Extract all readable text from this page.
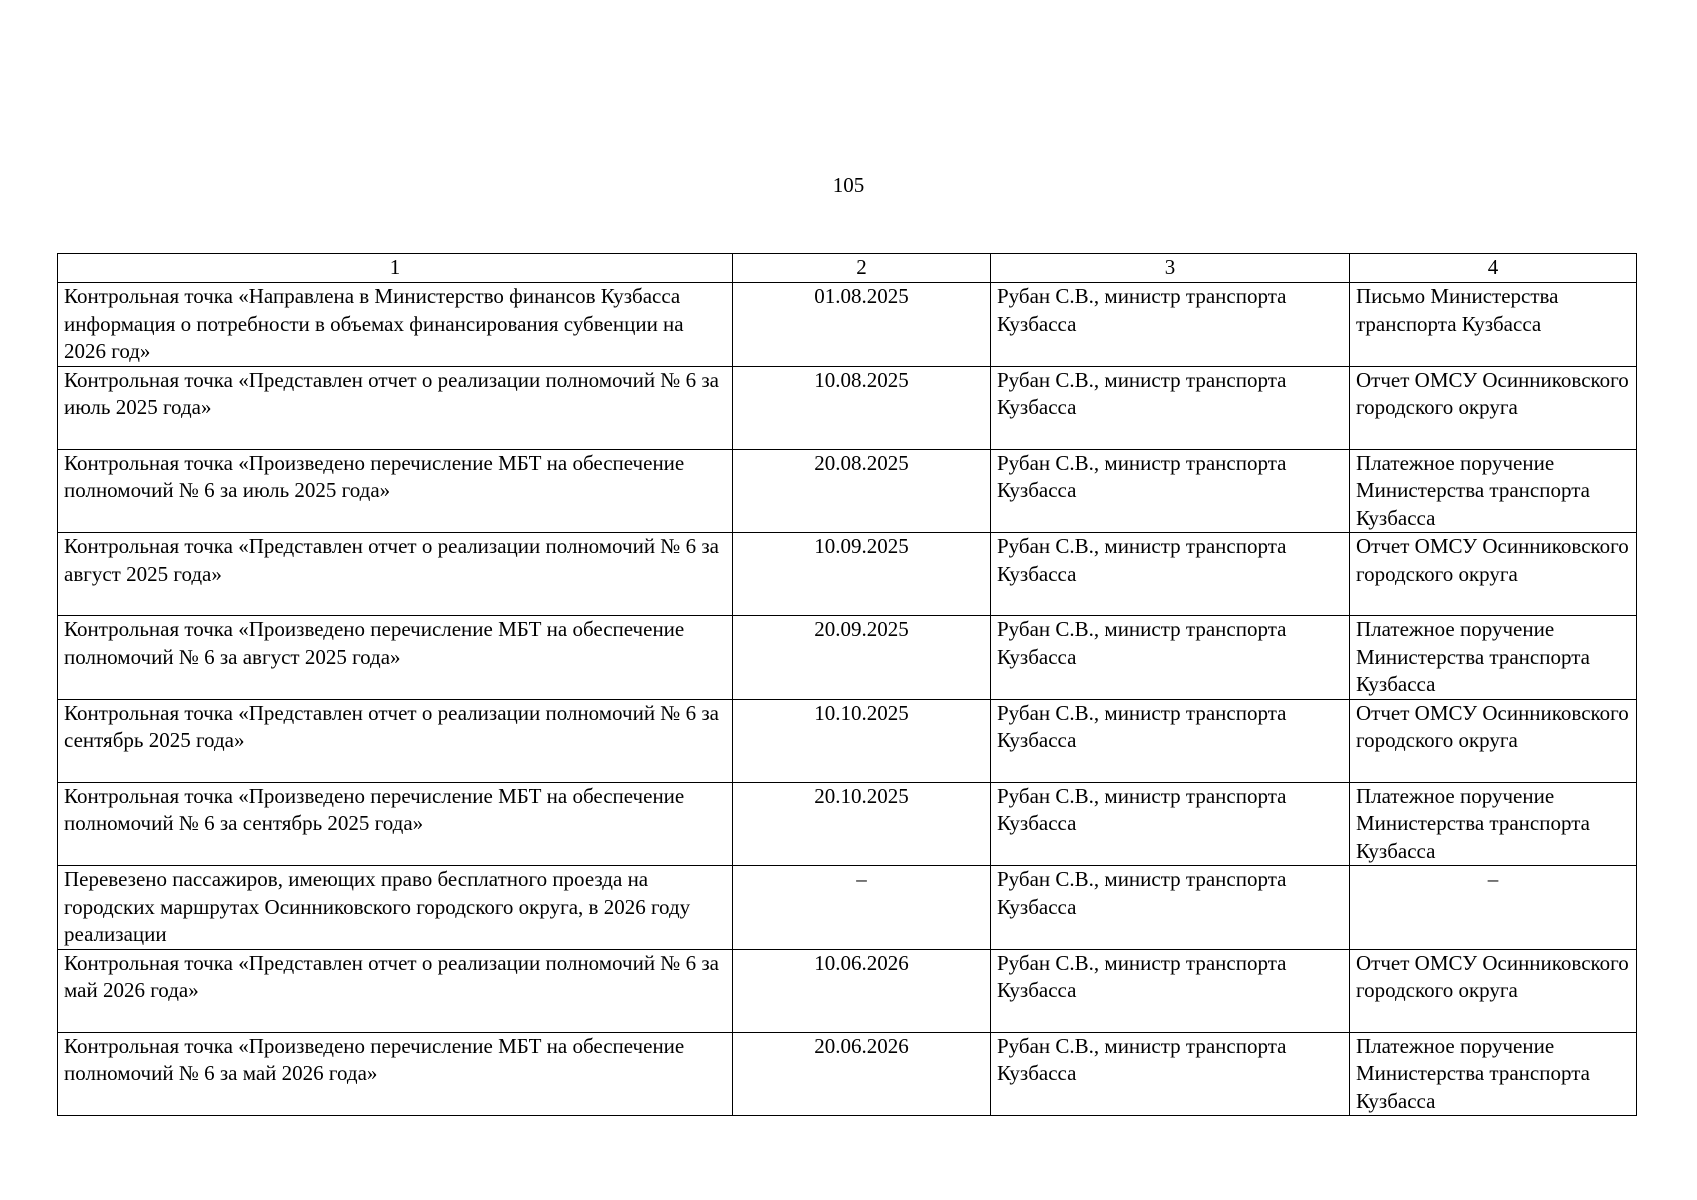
105
1	2	3	4
Контрольная точка «Направлена в Министерство финансов Кузбасса информация о потребности в объемах финансирования субвенции на 2026 год»	01.08.2025	Рубан С.В., министр транспорта Кузбасса	Письмо Министерства транспорта Кузбасса
Контрольная точка «Представлен отчет о реализации полномочий № 6 за июль 2025 года»	10.08.2025	Рубан С.В., министр транспорта Кузбасса	Отчет ОМСУ Осинниковского городского округа
Контрольная точка «Произведено перечисление МБТ на обеспечение полномочий № 6 за июль 2025 года»	20.08.2025	Рубан С.В., министр транспорта Кузбасса	Платежное поручение Министерства транспорта Кузбасса
Контрольная точка «Представлен отчет о реализации полномочий № 6 за август 2025 года»	10.09.2025	Рубан С.В., министр транспорта Кузбасса	Отчет ОМСУ Осинниковского городского округа
Контрольная точка «Произведено перечисление МБТ на обеспечение полномочий № 6 за август 2025 года»	20.09.2025	Рубан С.В., министр транспорта Кузбасса	Платежное поручение Министерства транспорта Кузбасса
Контрольная точка «Представлен отчет о реализации полномочий № 6 за сентябрь 2025 года»	10.10.2025	Рубан С.В., министр транспорта Кузбасса	Отчет ОМСУ Осинниковского городского округа
Контрольная точка «Произведено перечисление МБТ на обеспечение полномочий № 6 за сентябрь 2025 года»	20.10.2025	Рубан С.В., министр транспорта Кузбасса	Платежное поручение Министерства транспорта Кузбасса
Перевезено пассажиров, имеющих право бесплатного проезда на городских маршрутах Осинниковского городского округа, в 2026 году реализации	–	Рубан С.В., министр транспорта Кузбасса	–
Контрольная точка «Представлен отчет о реализации полномочий № 6 за май 2026 года»	10.06.2026	Рубан С.В., министр транспорта Кузбасса	Отчет ОМСУ Осинниковского городского округа
Контрольная точка «Произведено перечисление МБТ на обеспечение полномочий № 6 за май 2026 года»	20.06.2026	Рубан С.В., министр транспорта Кузбасса	Платежное поручение Министерства транспорта Кузбасса
